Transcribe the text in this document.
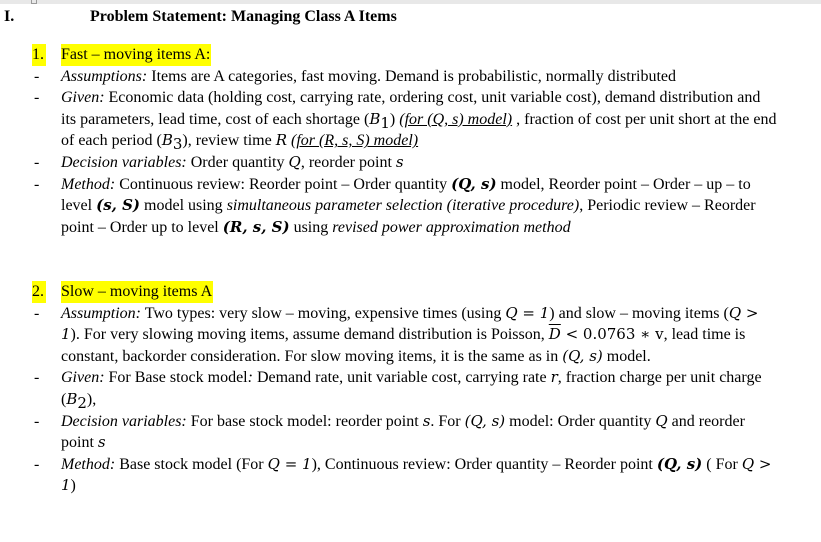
I.	Problem Statement: Managing Class A Items
1. Fast – moving items A:
- Assumptions: Items are A categories, fast moving. Demand is probabilistic, normally distributed
- Given: Economic data (holding cost, carrying rate, ordering cost, unit variable cost), demand distribution and its parameters, lead time, cost of each shortage $(B_1)$ (for (Q, s) model) , fraction of cost per unit short at the end of each period $(B_3)$, review time R (for (R, s, S) model)
- Decision variables: Order quantity Q, reorder point s
- Method: Continuous review: Reorder point – Order quantity (Q, s) model, Reorder point – Order – up – to level (s, S) model using simultaneous parameter selection (iterative procedure), Periodic review – Reorder point – Order up to level (R, s, S) using revised power approximation method
2. Slow – moving items A
- Assumption: Two types: very slow – moving, expensive times (using Q = 1) and slow – moving items (Q > 1). For very slowing moving items, assume demand distribution is Poisson, $\overline{D} < 0.0763$ ∗ v, lead time is constant, backorder consideration. For slow moving items, it is the same as in (Q, s) model.
- Given: For Base stock model: Demand rate, unit variable cost, carrying rate r, fraction charge per unit charge $(B_2)$,
- Decision variables: For base stock model: reorder point s. For (Q, s) model: Order quantity Q and reorder point s
- Method: Base stock model (For Q = 1), Continuous review: Order quantity – Reorder point (Q, s) ( For Q > 1)
